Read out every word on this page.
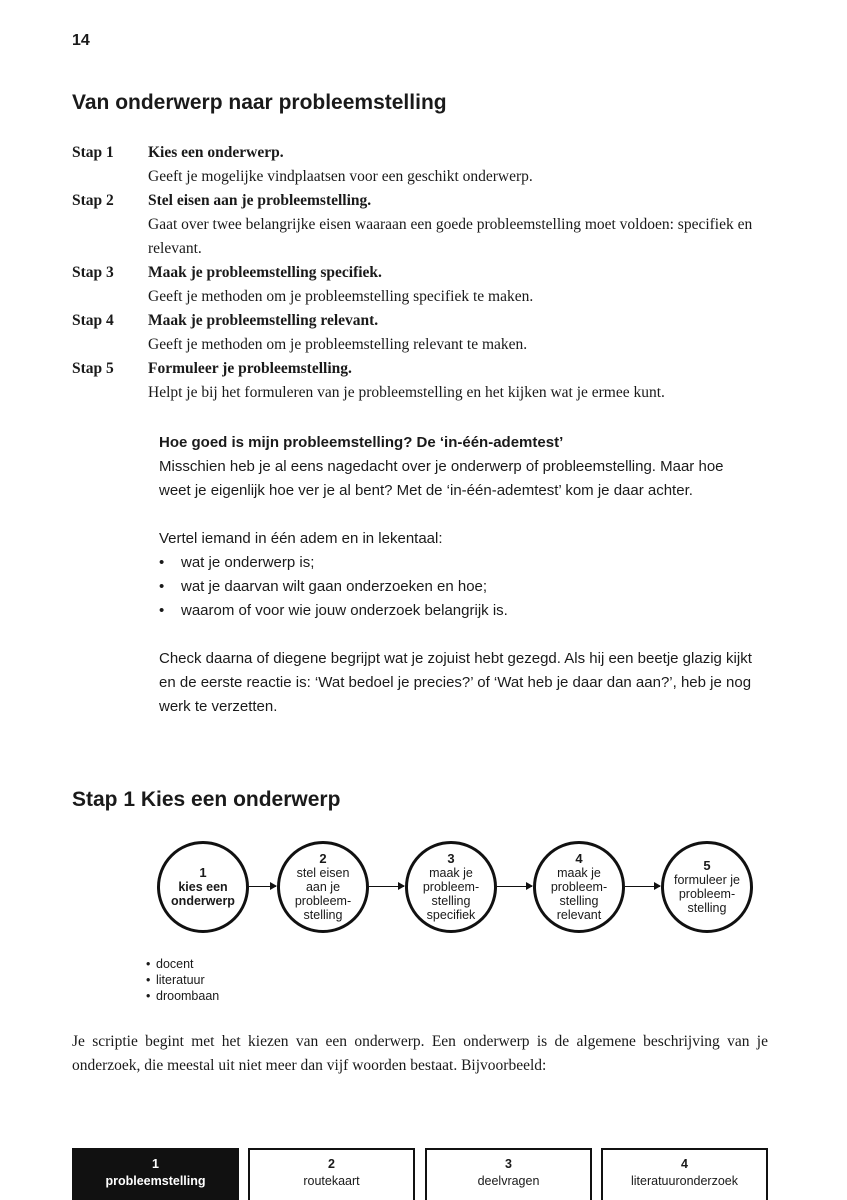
14
Van onderwerp naar probleemstelling
Stap 1	Kies een onderwerp.
Geeft je mogelijke vindplaatsen voor een geschikt onderwerp.
Stap 2	Stel eisen aan je probleemstelling.
Gaat over twee belangrijke eisen waaraan een goede probleemstelling moet voldoen: specifiek en relevant.
Stap 3	Maak je probleemstelling specifiek.
Geeft je methoden om je probleemstelling specifiek te maken.
Stap 4	Maak je probleemstelling relevant.
Geeft je methoden om je probleemstelling relevant te maken.
Stap 5	Formuleer je probleemstelling.
Helpt je bij het formuleren van je probleemstelling en het kijken wat je ermee kunt.
Hoe goed is mijn probleemstelling? De ‘in-één-ademtest’

Misschien heb je al eens nagedacht over je onderwerp of probleemstelling. Maar hoe weet je eigenlijk hoe ver je al bent? Met de ‘in-één-ademtest’ kom je daar achter.

Vertel iemand in één adem en in lekentaal:

•	wat je onderwerp is;
•	wat je daarvan wilt gaan onderzoeken en hoe;
•	waarom of voor wie jouw onderzoek belangrijk is.

Check daarna of diegene begrijpt wat je zojuist hebt gezegd. Als hij een beetje glazig kijkt en de eerste reactie is: ‘Wat bedoel je precies?’ of ‘Wat heb je daar dan aan?’, heb je nog werk te verzetten.

Stap 1 Kies een onderwerp
1
kies een
onderwerp
2
stel eisen
aan je
probleem-
stelling
3
maak je
probleem-
stelling
specifiek
4
maak je
probleem-
stelling
relevant
5
formuleer je
probleem-
stelling
• docent
• literatuur
• droombaan

Je scriptie begint met het kiezen van een onderwerp. Een onderwerp is de algemene beschrijving van je onderzoek, die meestal uit niet meer dan vijf woorden bestaat. Bijvoorbeeld:

1
probleemstelling
2
routekaart
3
deelvragen
4
literatuuronderzoek
